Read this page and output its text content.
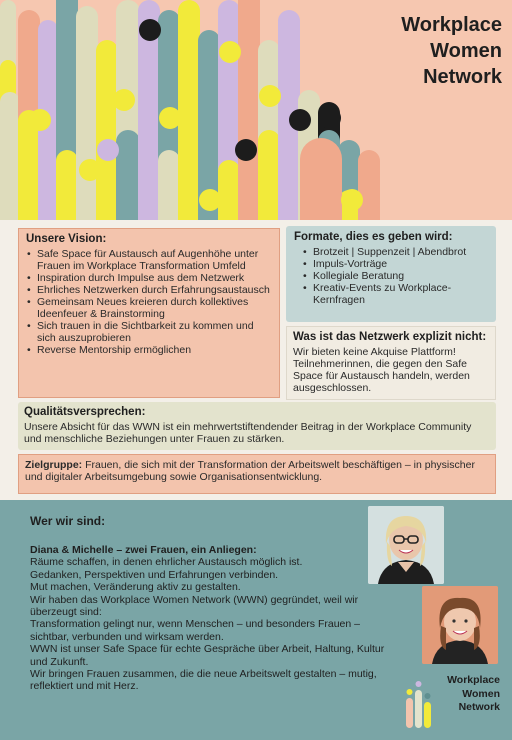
Workplace
Women
Network
Unsere Vision:
• Safe Space für Austausch auf Augenhöhe unter Frauen im Workplace Transformation Umfeld
• Inspiration durch Impulse aus dem Netzwerk
• Ehrliches Netzwerken durch Erfahrungsaustausch
• Gemeinsam Neues kreieren durch kollektives Ideenfeuer & Brainstorming
• Sich trauen in die Sichtbarkeit zu kommen und sich auszuprobieren
• Reverse Mentorship ermöglichen
Formate, dies es geben wird:
• Brotzeit | Suppenzeit | Abendbrot
• Impuls-Vorträge
• Kollegiale Beratung
• Kreativ-Events zu Workplace-Kernfragen
Was ist das Netzwerk explizit nicht:

Wir bieten keine Akquise Plattform! Teilnehmerinnen, die gegen den Safe Space für Austausch handeln, werden ausgeschlossen.

Qualitätsversprechen:

Unsere Absicht für das WWN ist ein mehrwertstiftendender Beitrag in der Workplace Community und menschliche Beziehungen unter Frauen zu stärken.

Zielgruppe: Frauen, die sich mit der Transformation der Arbeitswelt beschäftigen – in physischer und digitaler Arbeitsumgebung sowie Organisationsentwicklung.

Wer wir sind:
Diana & Michelle – zwei Frauen, ein Anliegen:
Räume schaffen, in denen ehrlicher Austausch möglich ist.
Gedanken, Perspektiven und Erfahrungen verbinden.
Mut machen, Veränderung aktiv zu gestalten.
Wir haben das Workplace Women Network (WWN) gegründet, weil wir überzeugt sind:
Transformation gelingt nur, wenn Menschen – und besonders Frauen – sichtbar, verbunden und wirksam werden.
WWN ist unser Safe Space für echte Gespräche über Arbeit, Haltung, Kultur und Zukunft.
Wir bringen Frauen zusammen, die die neue Arbeitswelt gestalten – mutig, reflektiert und mit Herz.
Workplace
Women
Network
